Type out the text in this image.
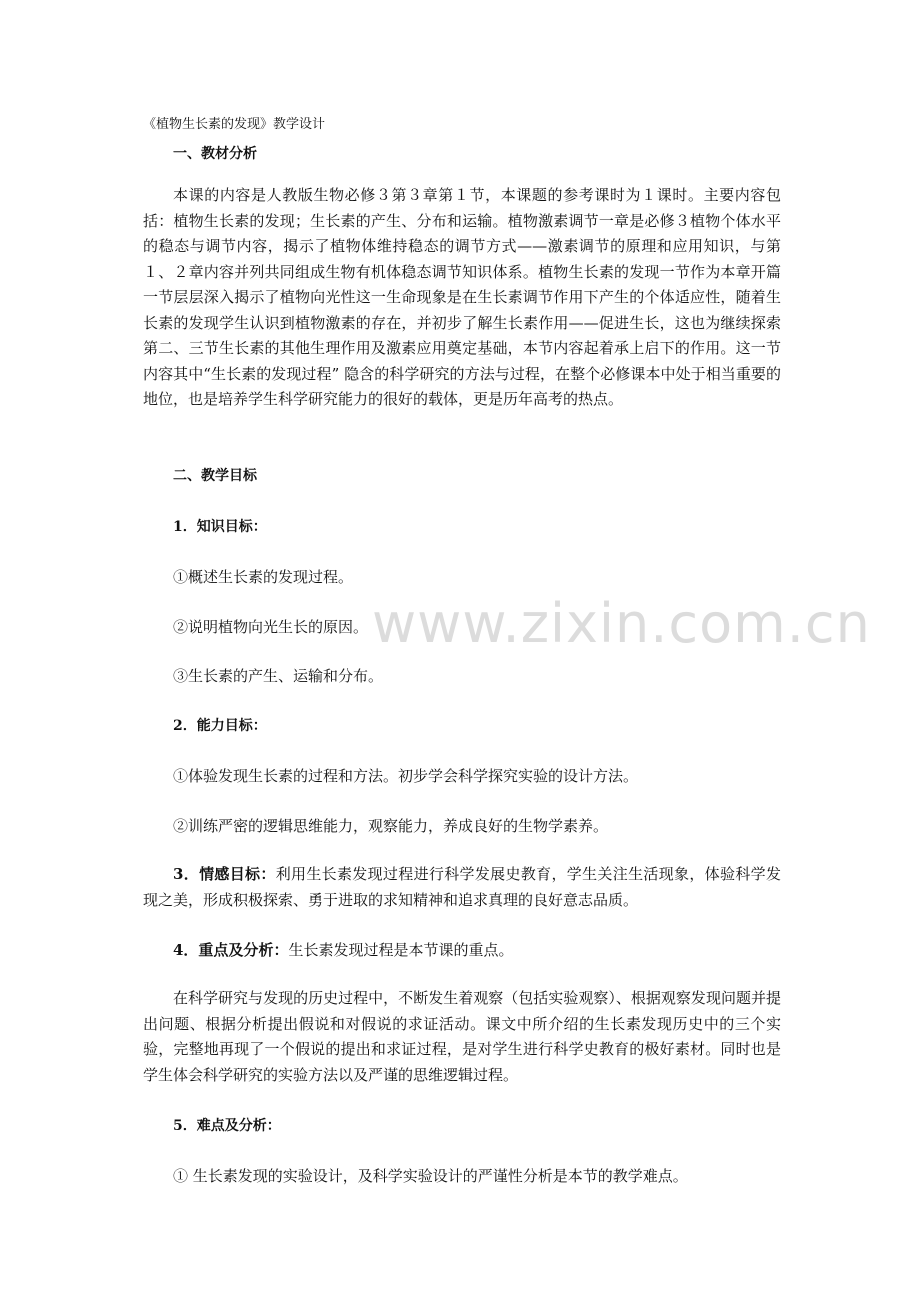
《植物生长素的发现》教学设计
一、教材分析
本课的内容是人教版生物必修３第３章第１节，本课题的参考课时为１课时。主要内容包括：植物生长素的发现；生长素的产生、分布和运输。植物激素调节一章是必修３植物个体水平的稳态与调节内容，揭示了植物体维持稳态的调节方式——激素调节的原理和应用知识，与第１、２章内容并列共同组成生物有机体稳态调节知识体系。植物生长素的发现一节作为本章开篇一节层层深入揭示了植物向光性这一生命现象是在生长素调节作用下产生的个体适应性，随着生长素的发现学生认识到植物激素的存在，并初步了解生长素作用——促进生长，这也为继续探索第二、三节生长素的其他生理作用及激素应用奠定基础，本节内容起着承上启下的作用。这一节内容其中“生长素的发现过程” 隐含的科学研究的方法与过程，在整个必修课本中处于相当重要的地位，也是培养学生科学研究能力的很好的载体，更是历年高考的热点。
二、教学目标
1．知识目标：
①概述生长素的发现过程。
②说明植物向光生长的原因。
③生长素的产生、运输和分布。
2．能力目标：
①体验发现生长素的过程和方法。初步学会科学探究实验的设计方法。
②训练严密的逻辑思维能力，观察能力，养成良好的生物学素养。
3．情感目标：利用生长素发现过程进行科学发展史教育，学生关注生活现象，体验科学发现之美，形成积极探索、勇于进取的求知精神和追求真理的良好意志品质。
4．重点及分析：生长素发现过程是本节课的重点。
在科学研究与发现的历史过程中，不断发生着观察（包括实验观察）、根据观察发现问题并提出问题、根据分析提出假说和对假说的求证活动。课文中所介绍的生长素发现历史中的三个实验，完整地再现了一个假说的提出和求证过程，是对学生进行科学史教育的极好素材。同时也是学生体会科学研究的实验方法以及严谨的思维逻辑过程。
5．难点及分析：
① 生长素发现的实验设计，及科学实验设计的严谨性分析是本节的教学难点。
www.zixin.com.cn
